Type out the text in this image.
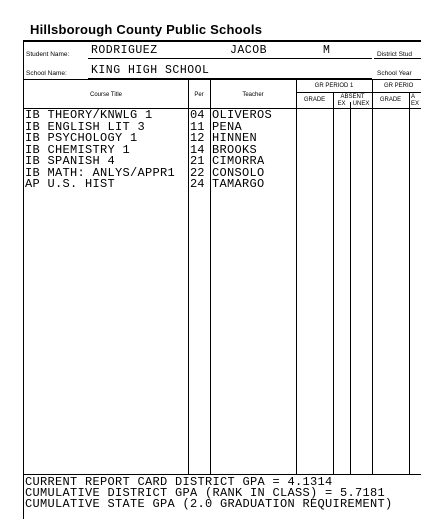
Hillsborough County Public Schools
Student Name: RODRIGUEZ	JACOB	M	District Stud
School Name: KING HIGH SCHOOL	School Year
Course Title	Per	Teacher
GR PERIOD 1
GRADE	ABSENT
EX	UNEX
GR PERIO
GRADE	A
EX
IB THEORY/KNWLG 1	04 OLIVEROS
IB ENGLISH LIT 3	11 PENA
IB PSYCHOLOGY 1	12 HINNEN
IB CHEMISTRY 1	14 BROOKS
IB SPANISH 4	21 CIMORRA
IB MATH: ANLYS/APPR1 22 CONSOLO
AP U.S. HIST	24 TAMARGO
CURRENT REPORT CARD DISTRICT GPA = 4.1314
CUMULATIVE DISTRICT GPA (RANK IN CLASS) = 5.7181
CUMULATIVE STATE GPA (2.0 GRADUATION REQUIREMENT)
